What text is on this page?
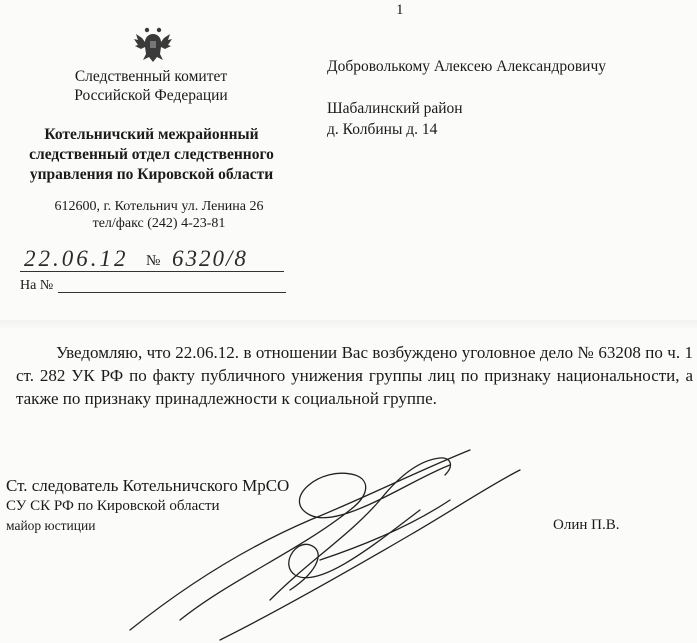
1
Следственный комитет
Российской Федерации
Котельничский межрайонный
следственный отдел следственного
управления по Кировской области
612600, г. Котельнич ул. Ленина 26
тел/факс (242) 4-23-81
22.06.12 № 6320/8
На №
Доброволькому Алексею Александровичу
Шабалинский район
д. Колбины д. 14
Уведомляю, что 22.06.12. в отношении Вас возбуждено уголовное дело № 63208 по ч. 1 ст. 282 УК РФ по факту публичного унижения группы лиц по признаку национальности, а также по признаку принадлежности к социальной группе.
Ст. следователь Котельничского МрСО
СУ СК РФ по Кировской области
майор юстиции	Олин П.В.
